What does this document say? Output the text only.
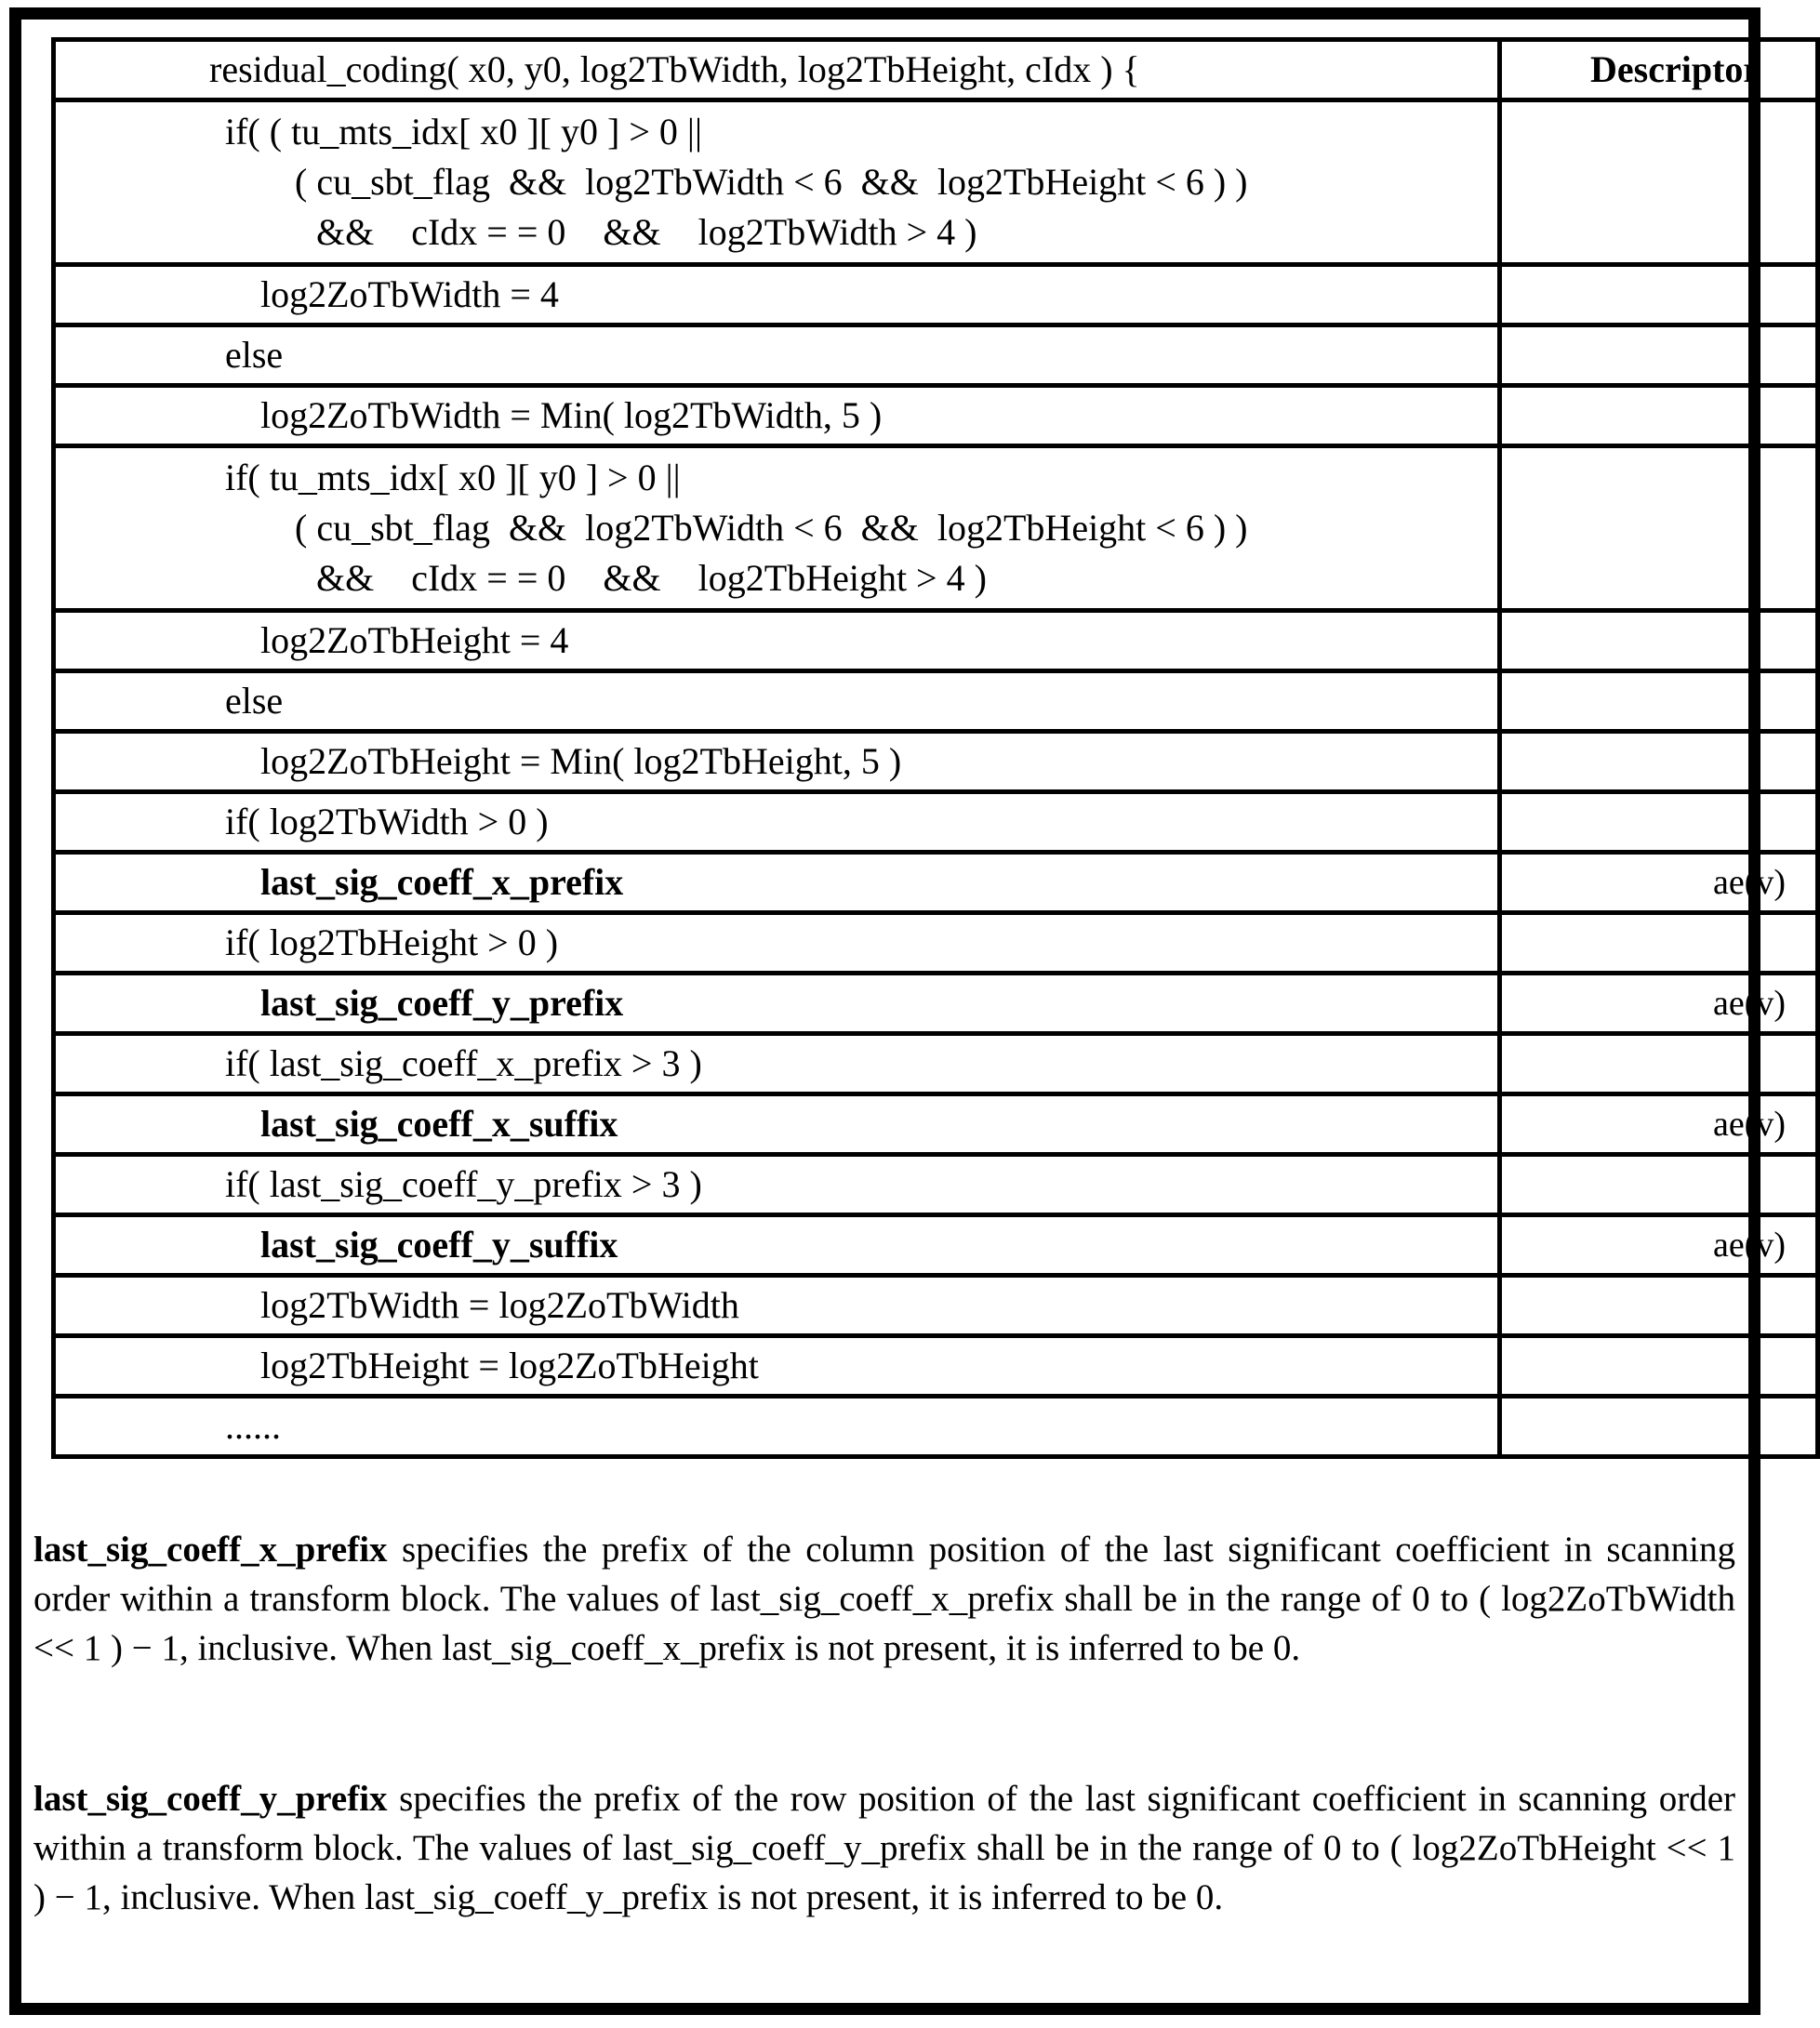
residual_coding( x0, y0, log2TbWidth, log2TbHeight, cIdx ) {	Descriptor

if( ( tu_mts_idx[ x0 ][ y0 ] > 0 ||
( cu_sbt_flag  &&  log2TbWidth < 6  &&  log2TbHeight < 6 ) )
&&    cIdx = = 0    &&    log2TbWidth > 4 )	

log2ZoTbWidth = 4	

else	

log2ZoTbWidth = Min( log2TbWidth, 5 )	

if( tu_mts_idx[ x0 ][ y0 ] > 0 ||
( cu_sbt_flag  &&  log2TbWidth < 6  &&  log2TbHeight < 6 ) )
&&    cIdx = = 0    &&    log2TbHeight > 4 )	

log2ZoTbHeight = 4	

else	

log2ZoTbHeight = Min( log2TbHeight, 5 )	

if( log2TbWidth > 0 )	

last_sig_coeff_x_prefix	ae(v)

if( log2TbHeight > 0 )	

last_sig_coeff_y_prefix	ae(v)

if( last_sig_coeff_x_prefix > 3 )	

last_sig_coeff_x_suffix	ae(v)

if( last_sig_coeff_y_prefix > 3 )	

last_sig_coeff_y_suffix	ae(v)

log2TbWidth = log2ZoTbWidth	

log2TbHeight = log2ZoTbHeight	

......	

last_sig_coeff_x_prefix specifies the prefix of the column position of the last significant coefficient in scanning order within a transform block. The values of last_sig_coeff_x_prefix shall be in the range of 0 to ( log2ZoTbWidth << 1 ) − 1, inclusive. When last_sig_coeff_x_prefix is not present, it is inferred to be 0.
last_sig_coeff_y_prefix specifies the prefix of the row position of the last significant coefficient in scanning order within a transform block. The values of last_sig_coeff_y_prefix shall be in the range of 0 to ( log2ZoTbHeight << 1 ) − 1, inclusive. When last_sig_coeff_y_prefix is not present, it is inferred to be 0.
